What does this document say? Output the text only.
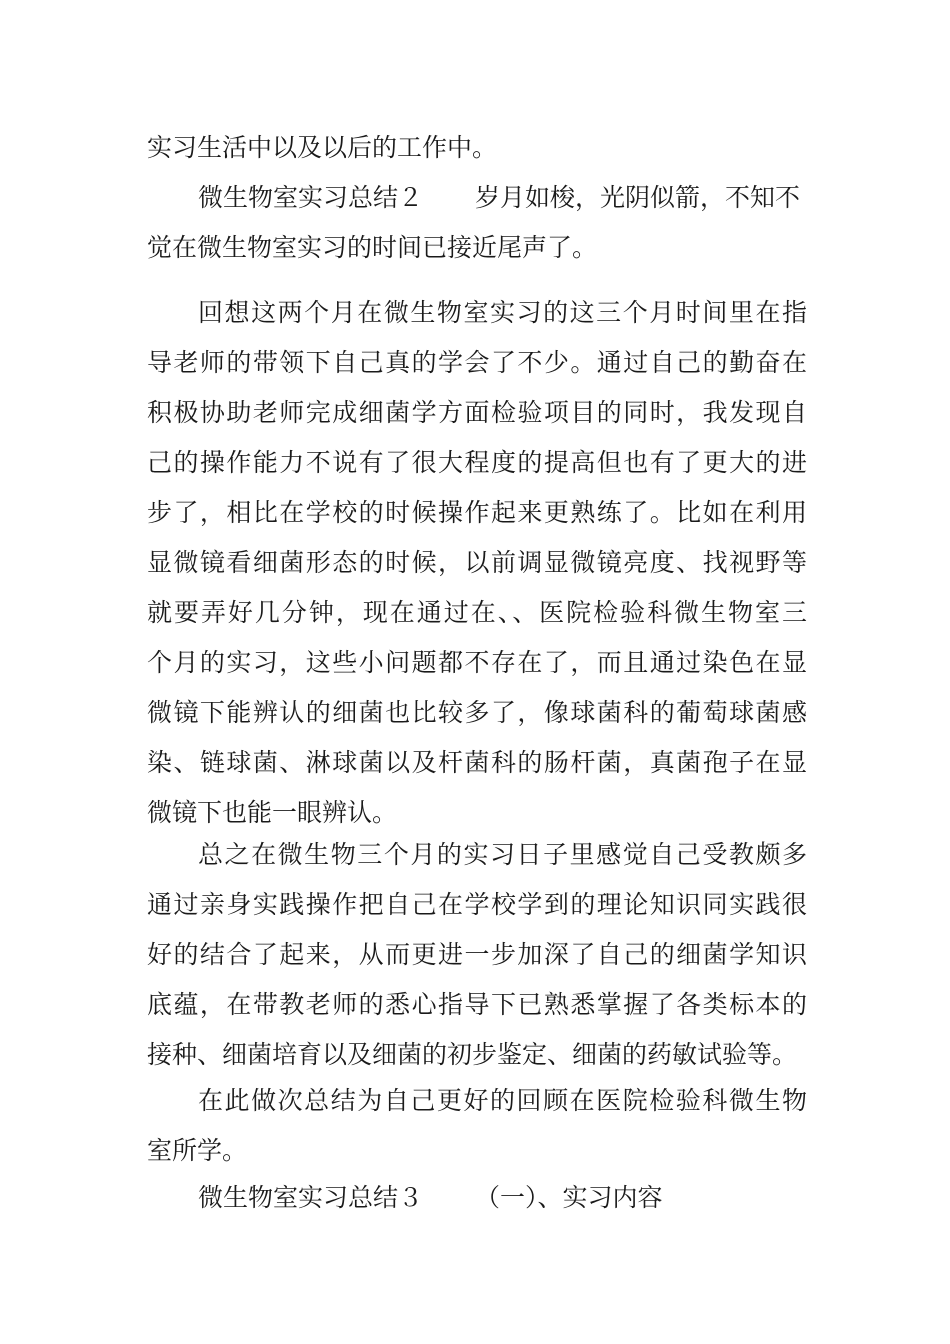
实习生活中以及以后的工作中。
微生物室实习总结２ 岁月如梭，光阴似箭，不知不
觉在微生物室实习的时间已接近尾声了。
回想这两个月在微生物室实习的这三个月时间里在指
导老师的带领下自己真的学会了不少。通过自己的勤奋在
积极协助老师完成细菌学方面检验项目的同时，我发现自
己的操作能力不说有了很大程度的提高但也有了更大的进
步了，相比在学校的时候操作起来更熟练了。比如在利用
显微镜看细菌形态的时候，以前调显微镜亮度、找视野等
就要弄好几分钟，现在通过在、、医院检验科微生物室三
个月的实习，这些小问题都不存在了，而且通过染色在显
微镜下能辨认的细菌也比较多了，像球菌科的葡萄球菌感
染、链球菌、淋球菌以及杆菌科的肠杆菌，真菌孢子在显
微镜下也能一眼辨认。
总之在微生物三个月的实习日子里感觉自己受教颇多
通过亲身实践操作把自己在学校学到的理论知识同实践很
好的结合了起来，从而更进一步加深了自己的细菌学知识
底蕴，在带教老师的悉心指导下已熟悉掌握了各类标本的
接种、细菌培育以及细菌的初步鉴定、细菌的药敏试验等。
在此做次总结为自己更好的回顾在医院检验科微生物
室所学。
微生物室实习总结３ （一）、实习内容
